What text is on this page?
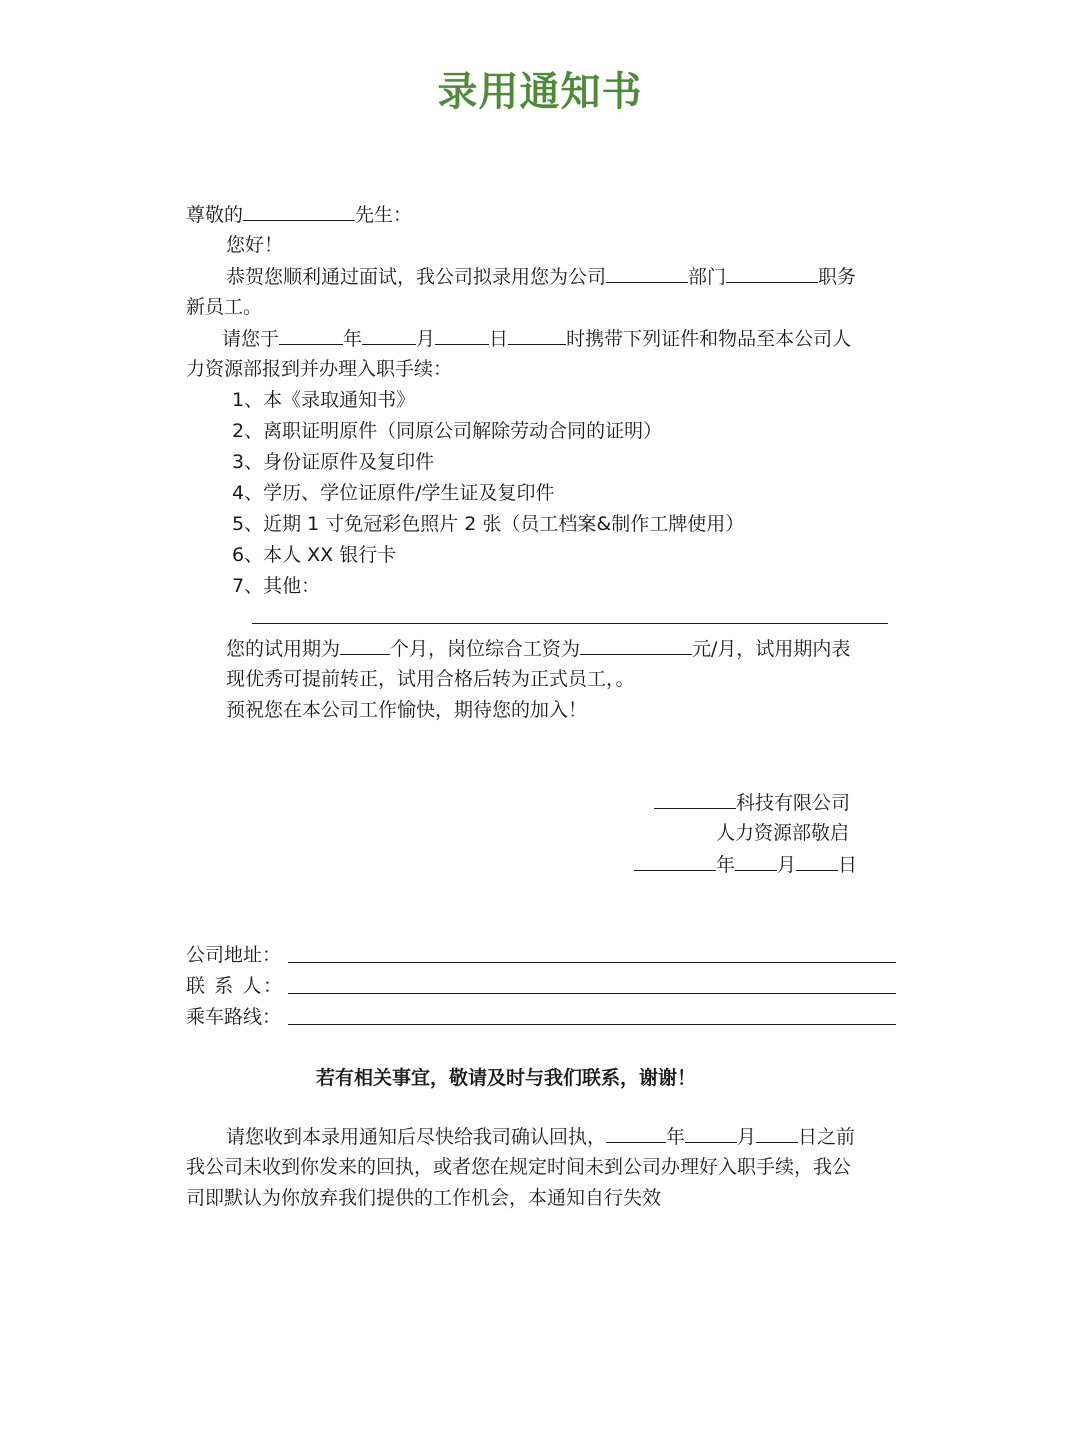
录用通知书
尊敬的	先生：
您好！
恭贺您顺利通过面试，我公司拟录用您为公司	部门	职务
新员工。
请您于	年	月	日	时携带下列证件和物品至本公司人
力资源部报到并办理入职手续：
1、本《录取通知书》
2、离职证明原件（同原公司解除劳动合同的证明）
3、身份证原件及复印件
4、学历、学位证原件/学生证及复印件
5、近期 1 寸免冠彩色照片 2 张（员工档案&制作工牌使用）
6、本人 XX 银行卡
7、其他：
您的试用期为	个月，岗位综合工资为	元/月，试用期内表
现优秀可提前转正，试用合格后转为正式员工，。
预祝您在本公司工作愉快，期待您的加入！
科技有限公司
人力资源部敬启
年 月 日
公司地址：
联 系 人：
乘车路线：
若有相关事宜，敬请及时与我们联系，谢谢！
请您收到本录用通知后尽快给我司确认回执，	年	月 日之前
我公司未收到你发来的回执，或者您在规定时间未到公司办理好入职手续，我公
司即默认为你放弃我们提供的工作机会，本通知自行失效
